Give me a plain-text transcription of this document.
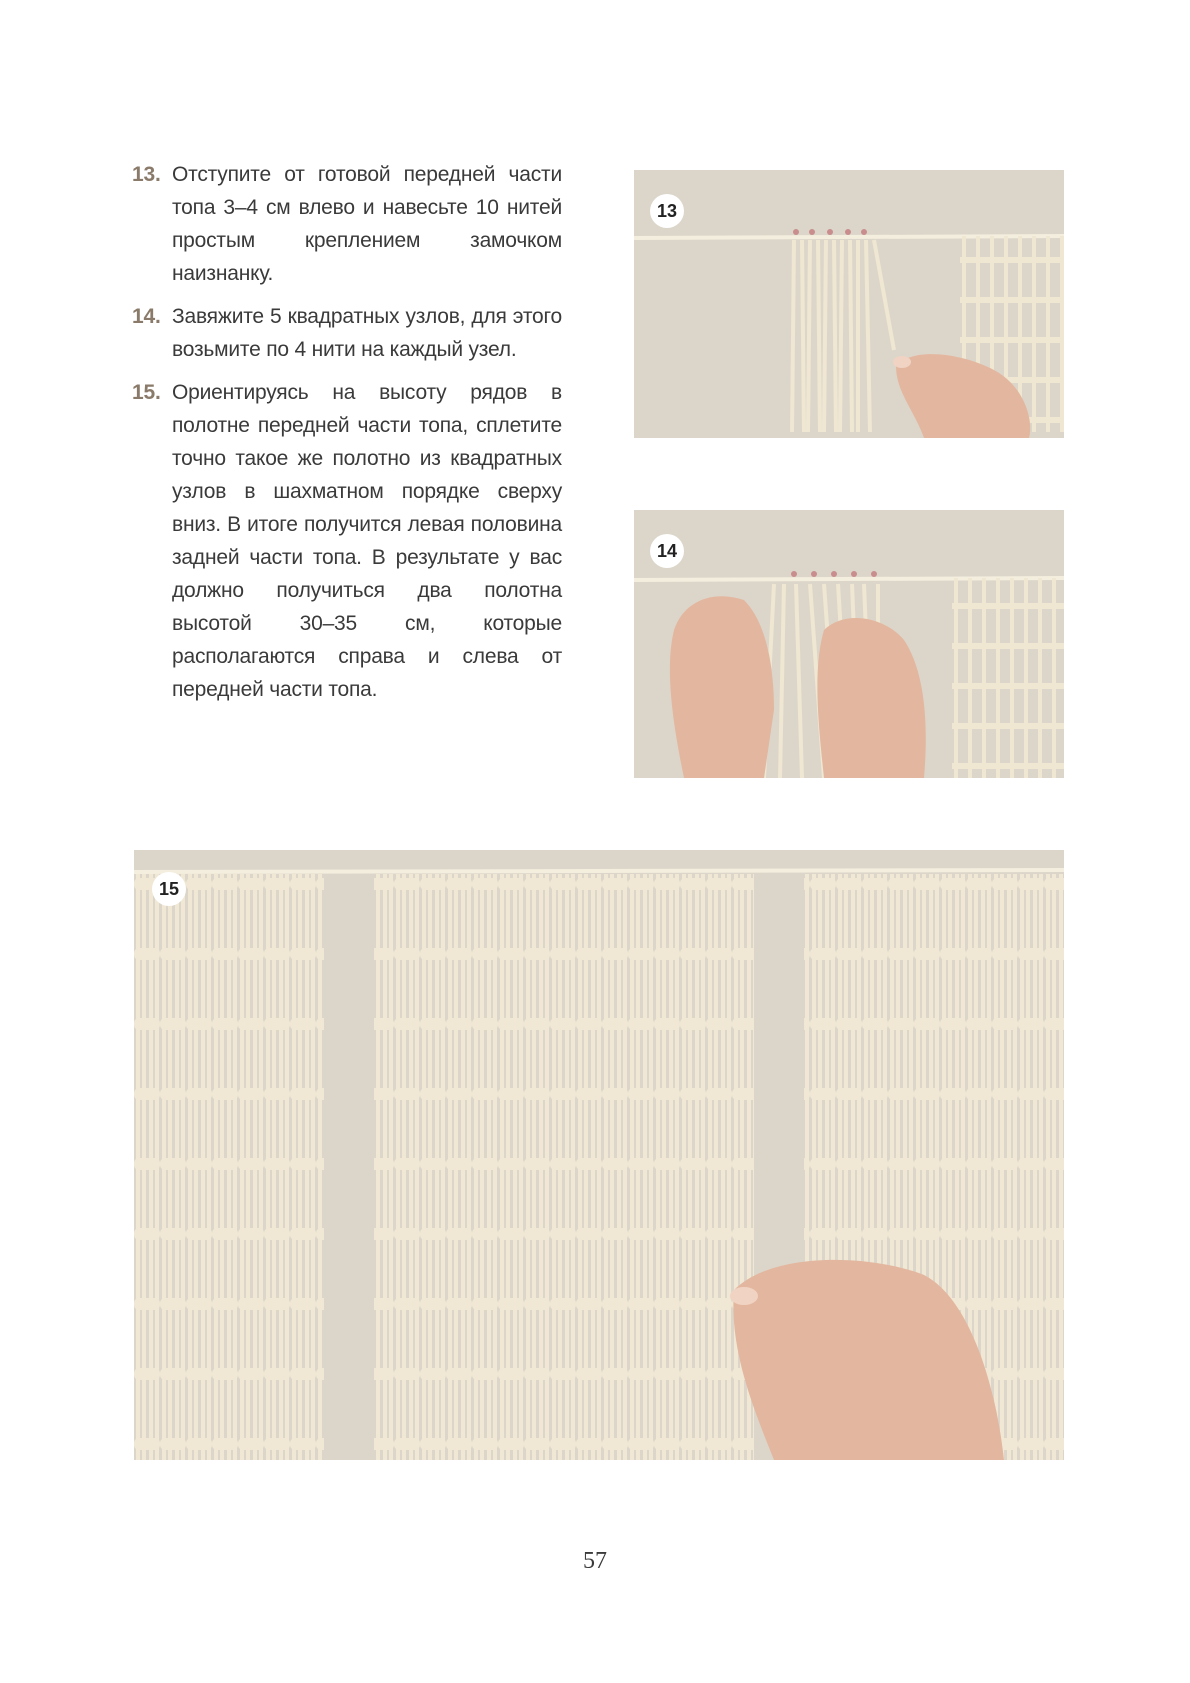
13. Отступите от готовой передней части топа 3–4 см влево и навесьте 10 нитей простым креплением замочком наизнанку.
14. Завяжите 5 квадратных узлов, для этого возьмите по 4 нити на каждый узел.
15. Ориентируясь на высоту рядов в полотне передней части топа, сплетите точно такое же полотно из квадратных узлов в шахматном порядке сверху вниз. В итоге получится левая половина задней части топа. В результате у вас должно получиться два полотна высотой 30–35 см, которые располагаются справа и слева от передней части топа.
13
14
15
57
